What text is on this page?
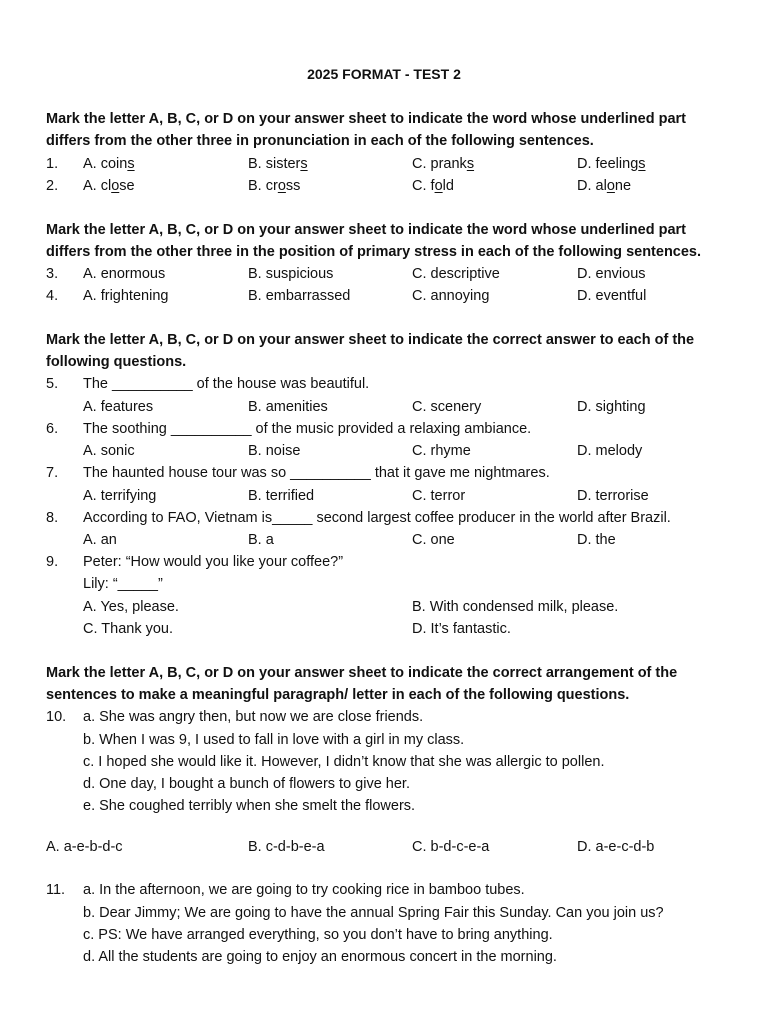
2025 FORMAT - TEST 2
Mark the letter A, B, C, or D on your answer sheet to indicate the word whose underlined part differs from the other three in pronunciation in each of the following sentences.
1. A. coins	B. sisters	C. pranks	D. feelings
2. A. close	B. cross	C. fold	D. alone
Mark the letter A, B, C, or D on your answer sheet to indicate the word whose underlined part differs from the other three in the position of primary stress in each of the following sentences.
3. A. enormous	B. suspicious	C. descriptive	D. envious
4. A. frightening	B. embarrassed	C. annoying	D. eventful
Mark the letter A, B, C, or D on your answer sheet to indicate the correct answer to each of the following questions.
5. The __________ of the house was beautiful.
A. features	B. amenities	C. scenery	D. sighting
6. The soothing __________ of the music provided a relaxing ambiance.
A. sonic	B. noise	C. rhyme	D. melody
7. The haunted house tour was so __________ that it gave me nightmares.
A. terrifying	B. terrified	C. terror	D. terrorise
8. According to FAO, Vietnam is_____ second largest coffee producer in the world after Brazil.
A. an	B. a	C. one	D. the
9. Peter: “How would you like your coffee?”
Lily: “_____”
A. Yes, please.	B. With condensed milk, please.
C. Thank you.	D. It’s fantastic.
Mark the letter A, B, C, or D on your answer sheet to indicate the correct arrangement of the sentences to make a meaningful paragraph/ letter in each of the following questions.
10. a. She was angry then, but now we are close friends.
b. When I was 9, I used to fall in love with a girl in my class.
c. I hoped she would like it. However, I didn’t know that she was allergic to pollen.
d. One day, I bought a bunch of flowers to give her.
e. She coughed terribly when she smelt the flowers.
A. a-e-b-d-c	B. c-d-b-e-a	C. b-d-c-e-a	D. a-e-c-d-b
11. a. In the afternoon, we are going to try cooking rice in bamboo tubes.
b. Dear Jimmy; We are going to have the annual Spring Fair this Sunday. Can you join us?
c. PS: We have arranged everything, so you don’t have to bring anything.
d. All the students are going to enjoy an enormous concert in the morning.
